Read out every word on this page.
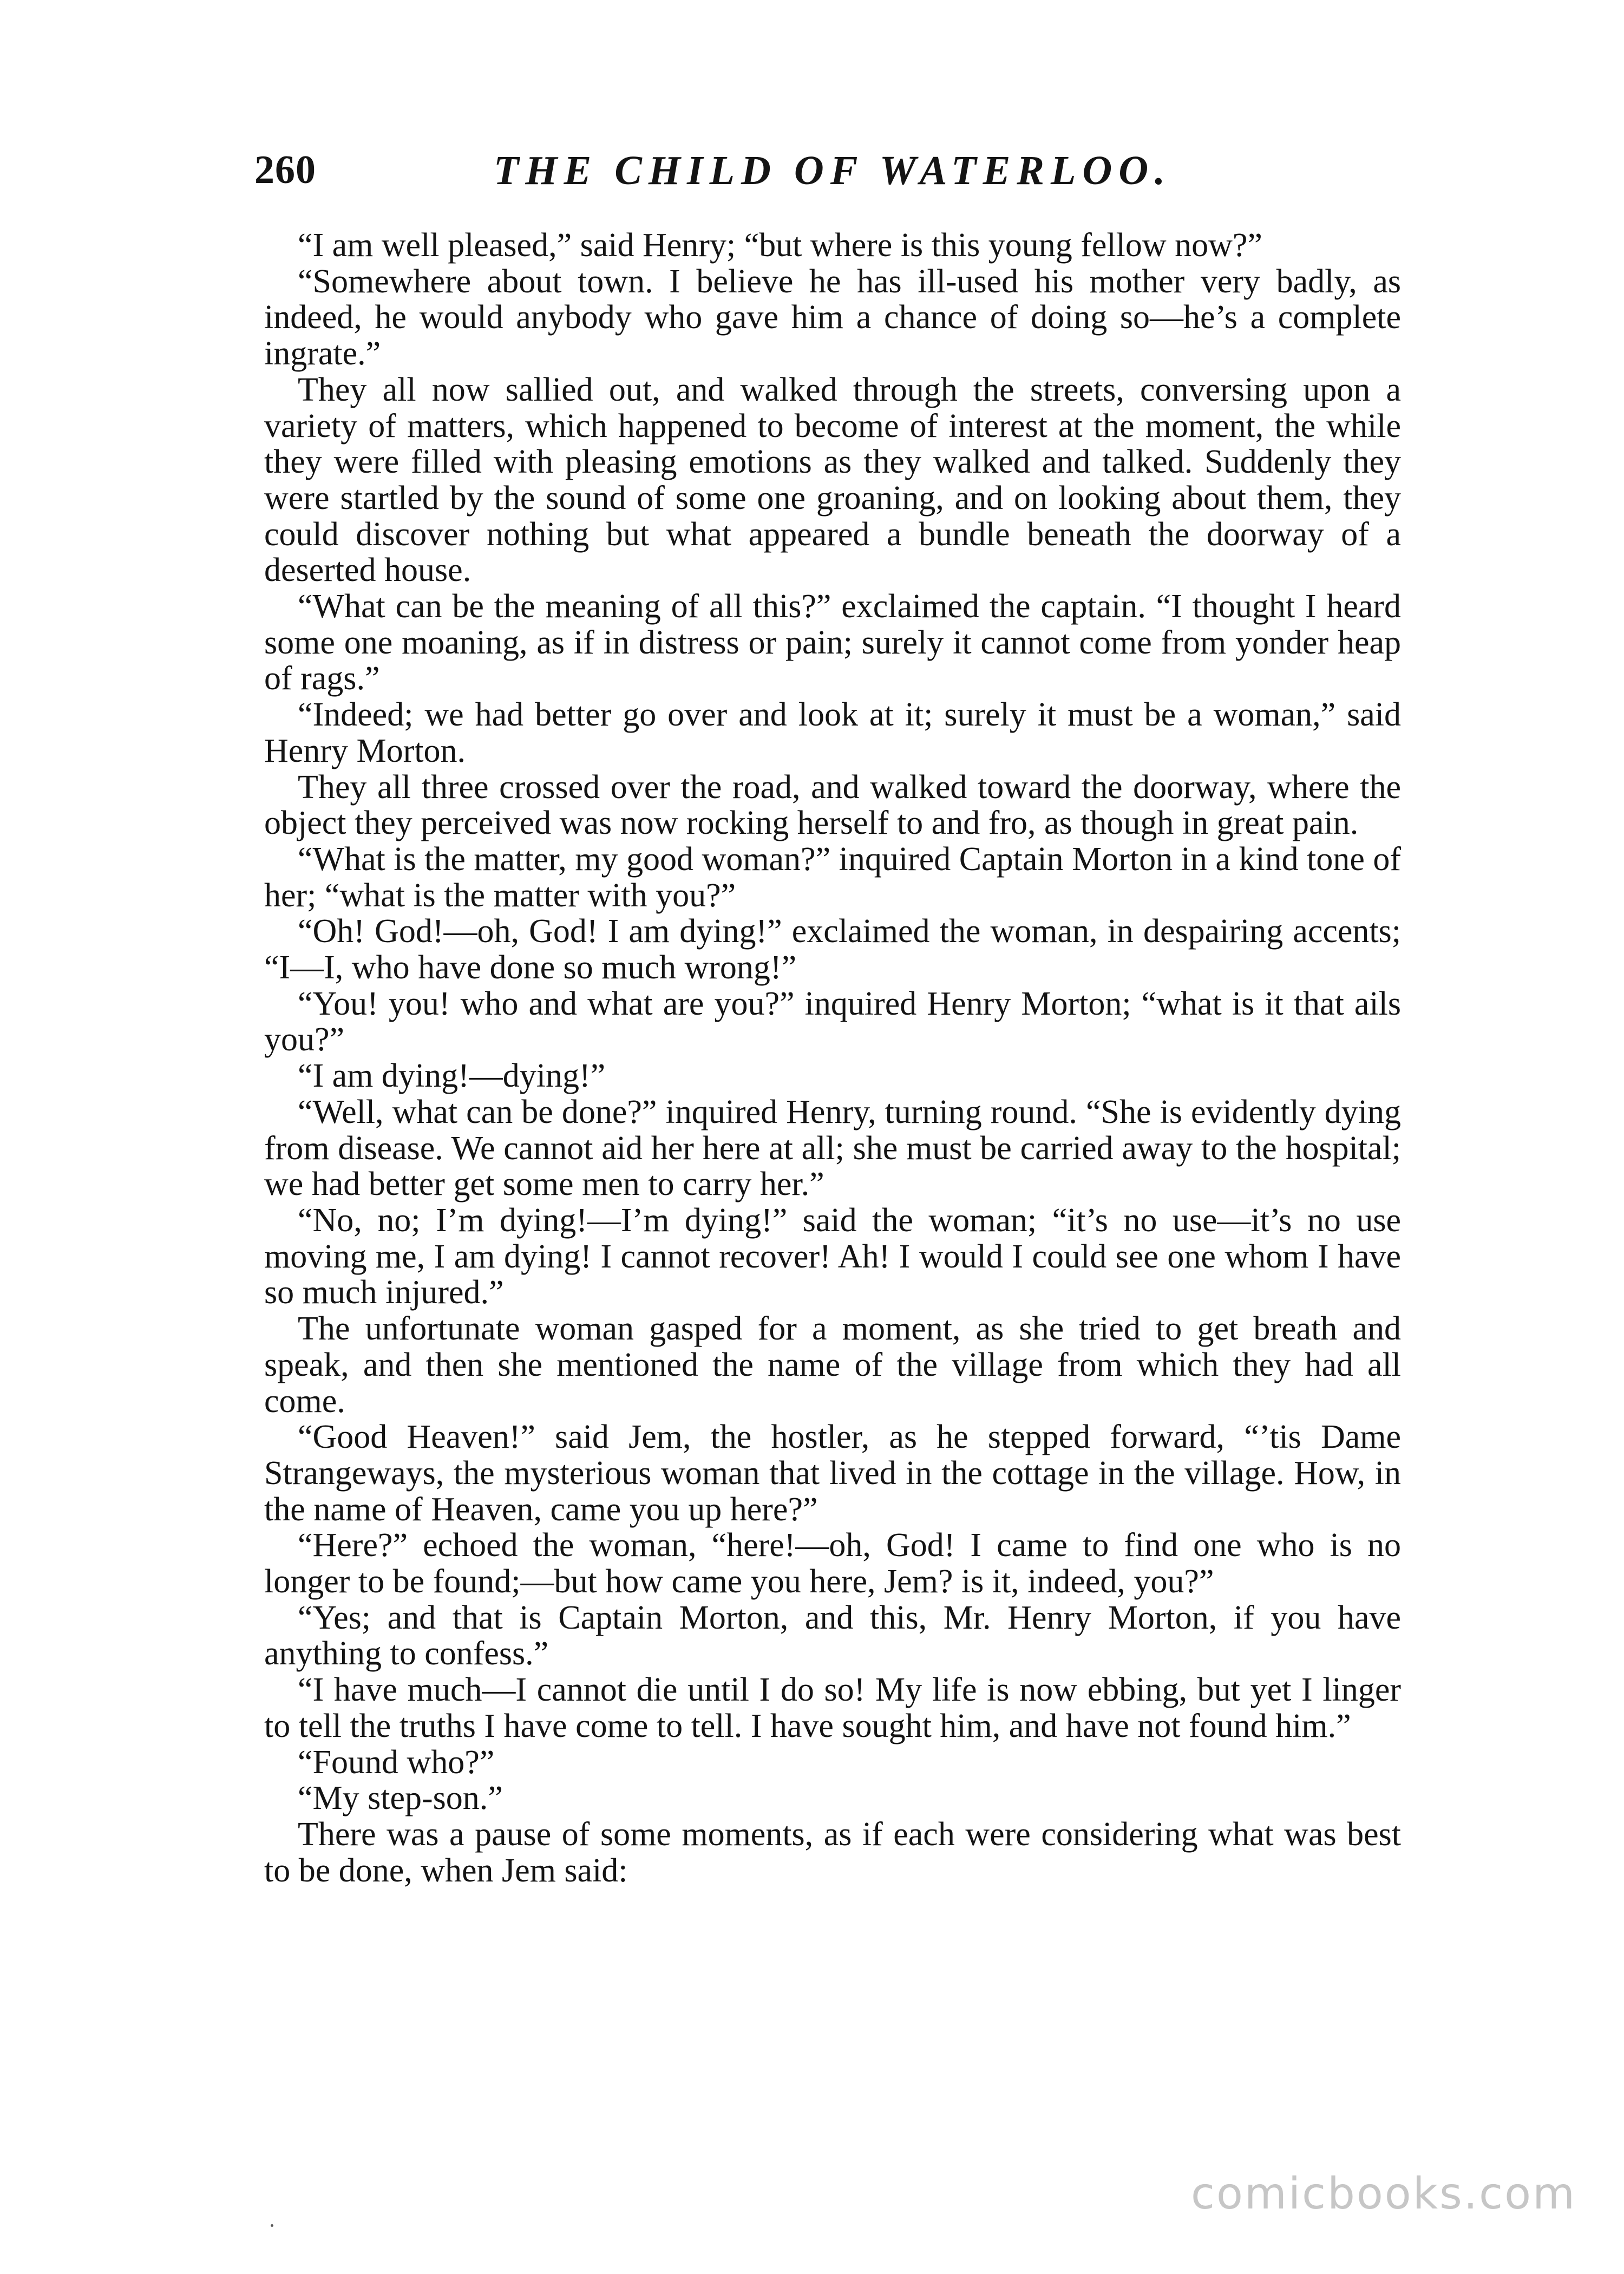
260	THE CHILD OF WATERLOO.

“I am well pleased,” said Henry; “but where is this young fellow now?”

“Somewhere about town. I believe he has ill-used his mother very badly, as indeed, he would anybody who gave him a chance of doing so—he’s a complete ingrate.”

They all now sallied out, and walked through the streets, conversing upon a variety of matters, which happened to become of interest at the moment, the while they were filled with pleasing emotions as they walked and talked. Suddenly they were startled by the sound of some one groaning, and on looking about them, they could discover nothing but what appeared a bundle beneath the doorway of a deserted house.

“What can be the meaning of all this?” exclaimed the captain. “I thought I heard some one moaning, as if in distress or pain; surely it cannot come from yonder heap of rags.”

“Indeed; we had better go over and look at it; surely it must be a woman,” said Henry Morton.

They all three crossed over the road, and walked toward the doorway, where the object they perceived was now rocking herself to and fro, as though in great pain.

“What is the matter, my good woman?” inquired Captain Morton in a kind tone of her; “what is the matter with you?”

“Oh! God!—oh, God! I am dying!” exclaimed the woman, in despairing accents; “I—I, who have done so much wrong!”

“You! you! who and what are you?” inquired Henry Morton; “what is it that ails you?”

“I am dying!—dying!”

“Well, what can be done?” inquired Henry, turning round. “She is evidently dying from disease. We cannot aid her here at all; she must be carried away to the hospital; we had better get some men to carry her.”

“No, no; I’m dying!—I’m dying!” said the woman; “it’s no use—it’s no use moving me, I am dying! I cannot recover! Ah! I would I could see one whom I have so much injured.”

The unfortunate woman gasped for a moment, as she tried to get breath and speak, and then she mentioned the name of the village from which they had all come.

“Good Heaven!” said Jem, the hostler, as he stepped forward, “’tis Dame Strangeways, the mysterious woman that lived in the cottage in the village. How, in the name of Heaven, came you up here?”

“Here?” echoed the woman, “here!—oh, God! I came to find one who is no longer to be found;—but how came you here, Jem? is it, indeed, you?”

“Yes; and that is Captain Morton, and this, Mr. Henry Morton, if you have anything to confess.”

“I have much—I cannot die until I do so! My life is now ebbing, but yet I linger to tell the truths I have come to tell. I have sought him, and have not found him.”

“Found who?”

“My step-son.”

There was a pause of some moments, as if each were considering what was best to be done, when Jem said:

comicbooks.com
